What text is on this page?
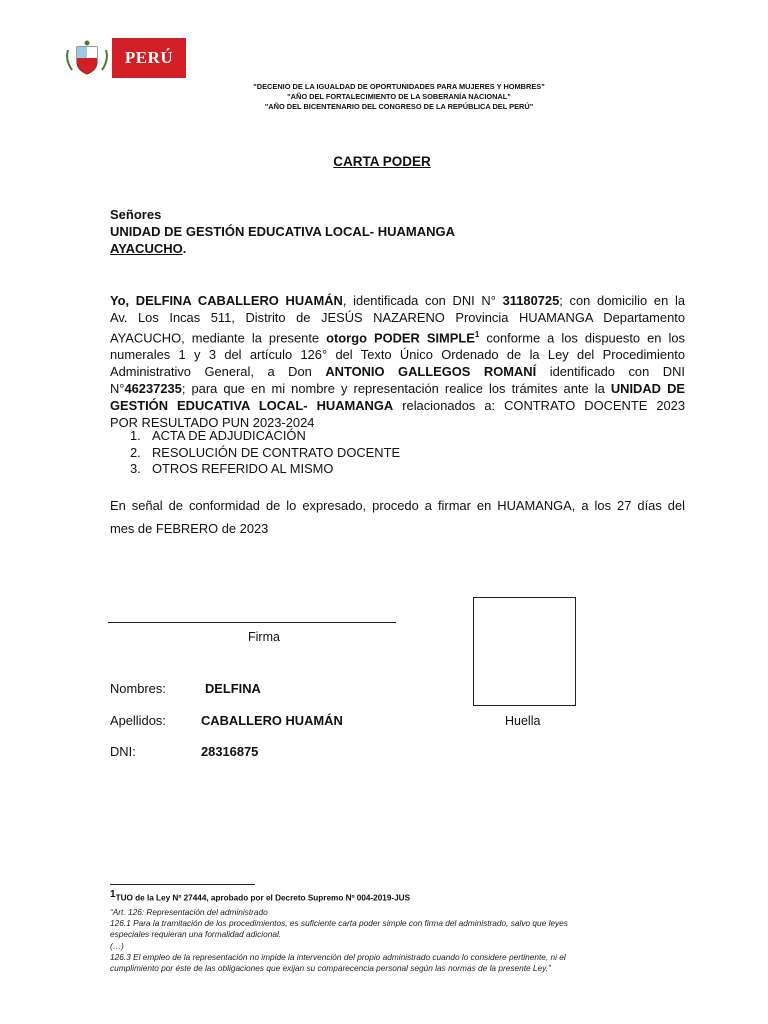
PERÚ
"DECENIO DE LA IGUALDAD DE OPORTUNIDADES PARA MUJERES Y HOMBRES"
"AÑO DEL FORTALECIMIENTO DE LA SOBERANÍA NACIONAL"
"AÑO DEL BICENTENARIO DEL CONGRESO DE LA REPÚBLICA DEL PERÚ"
CARTA PODER
Señores
UNIDAD DE GESTIÓN EDUCATIVA LOCAL- HUAMANGA
AYACUCHO.
Yo, DELFINA CABALLERO HUAMÁN, identificada con DNI N° 31180725; con domicilio en la
Av. Los Incas 511, Distrito de JESÚS NAZARENO Provincia HUAMANGA Departamento
AYACUCHO, mediante la presente otorgo PODER SIMPLE$^1$ conforme a los dispuesto en los
numerales 1 y 3 del artículo 126° del Texto Único Ordenado de la Ley del Procedimiento
Administrativo General, a Don ANTONIO GALLEGOS ROMANÍ identificado con DNI
N°46237235; para que en mi nombre y representación realice los trámites ante la UNIDAD DE
GESTIÓN EDUCATIVA LOCAL- HUAMANGA relacionados a: CONTRATO DOCENTE 2023
POR RESULTADO PUN 2023-2024
1. ACTA DE ADJUDICACIÓN
2. RESOLUCIÓN DE CONTRATO DOCENTE
3. OTROS REFERIDO AL MISMO
En señal de conformidad de lo expresado, procedo a firmar en HUAMANGA, a los 27 días del
mes de FEBRERO de 2023
Firma
Huella
Nombres:	DELFINA
Apellidos:	CABALLERO HUAMÁN
DNI:	28316875
$^1$TUO de la Ley Nº 27444, aprobado por el Decreto Supremo Nº 004-2019-JUS
“Art. 126: Representación del administrado
126.1 Para la tramitación de los procedimientos, es suficiente carta poder simple con firma del administrado, salvo que leyes
especiales requieran una formalidad adicional.
(…)
126.3 El empleo de la representación no impide la intervención del propio administrado cuando lo considere pertinente, ni el
cumplimiento por éste de las obligaciones que exijan su comparecencia personal según las normas de la presente Ley.”
